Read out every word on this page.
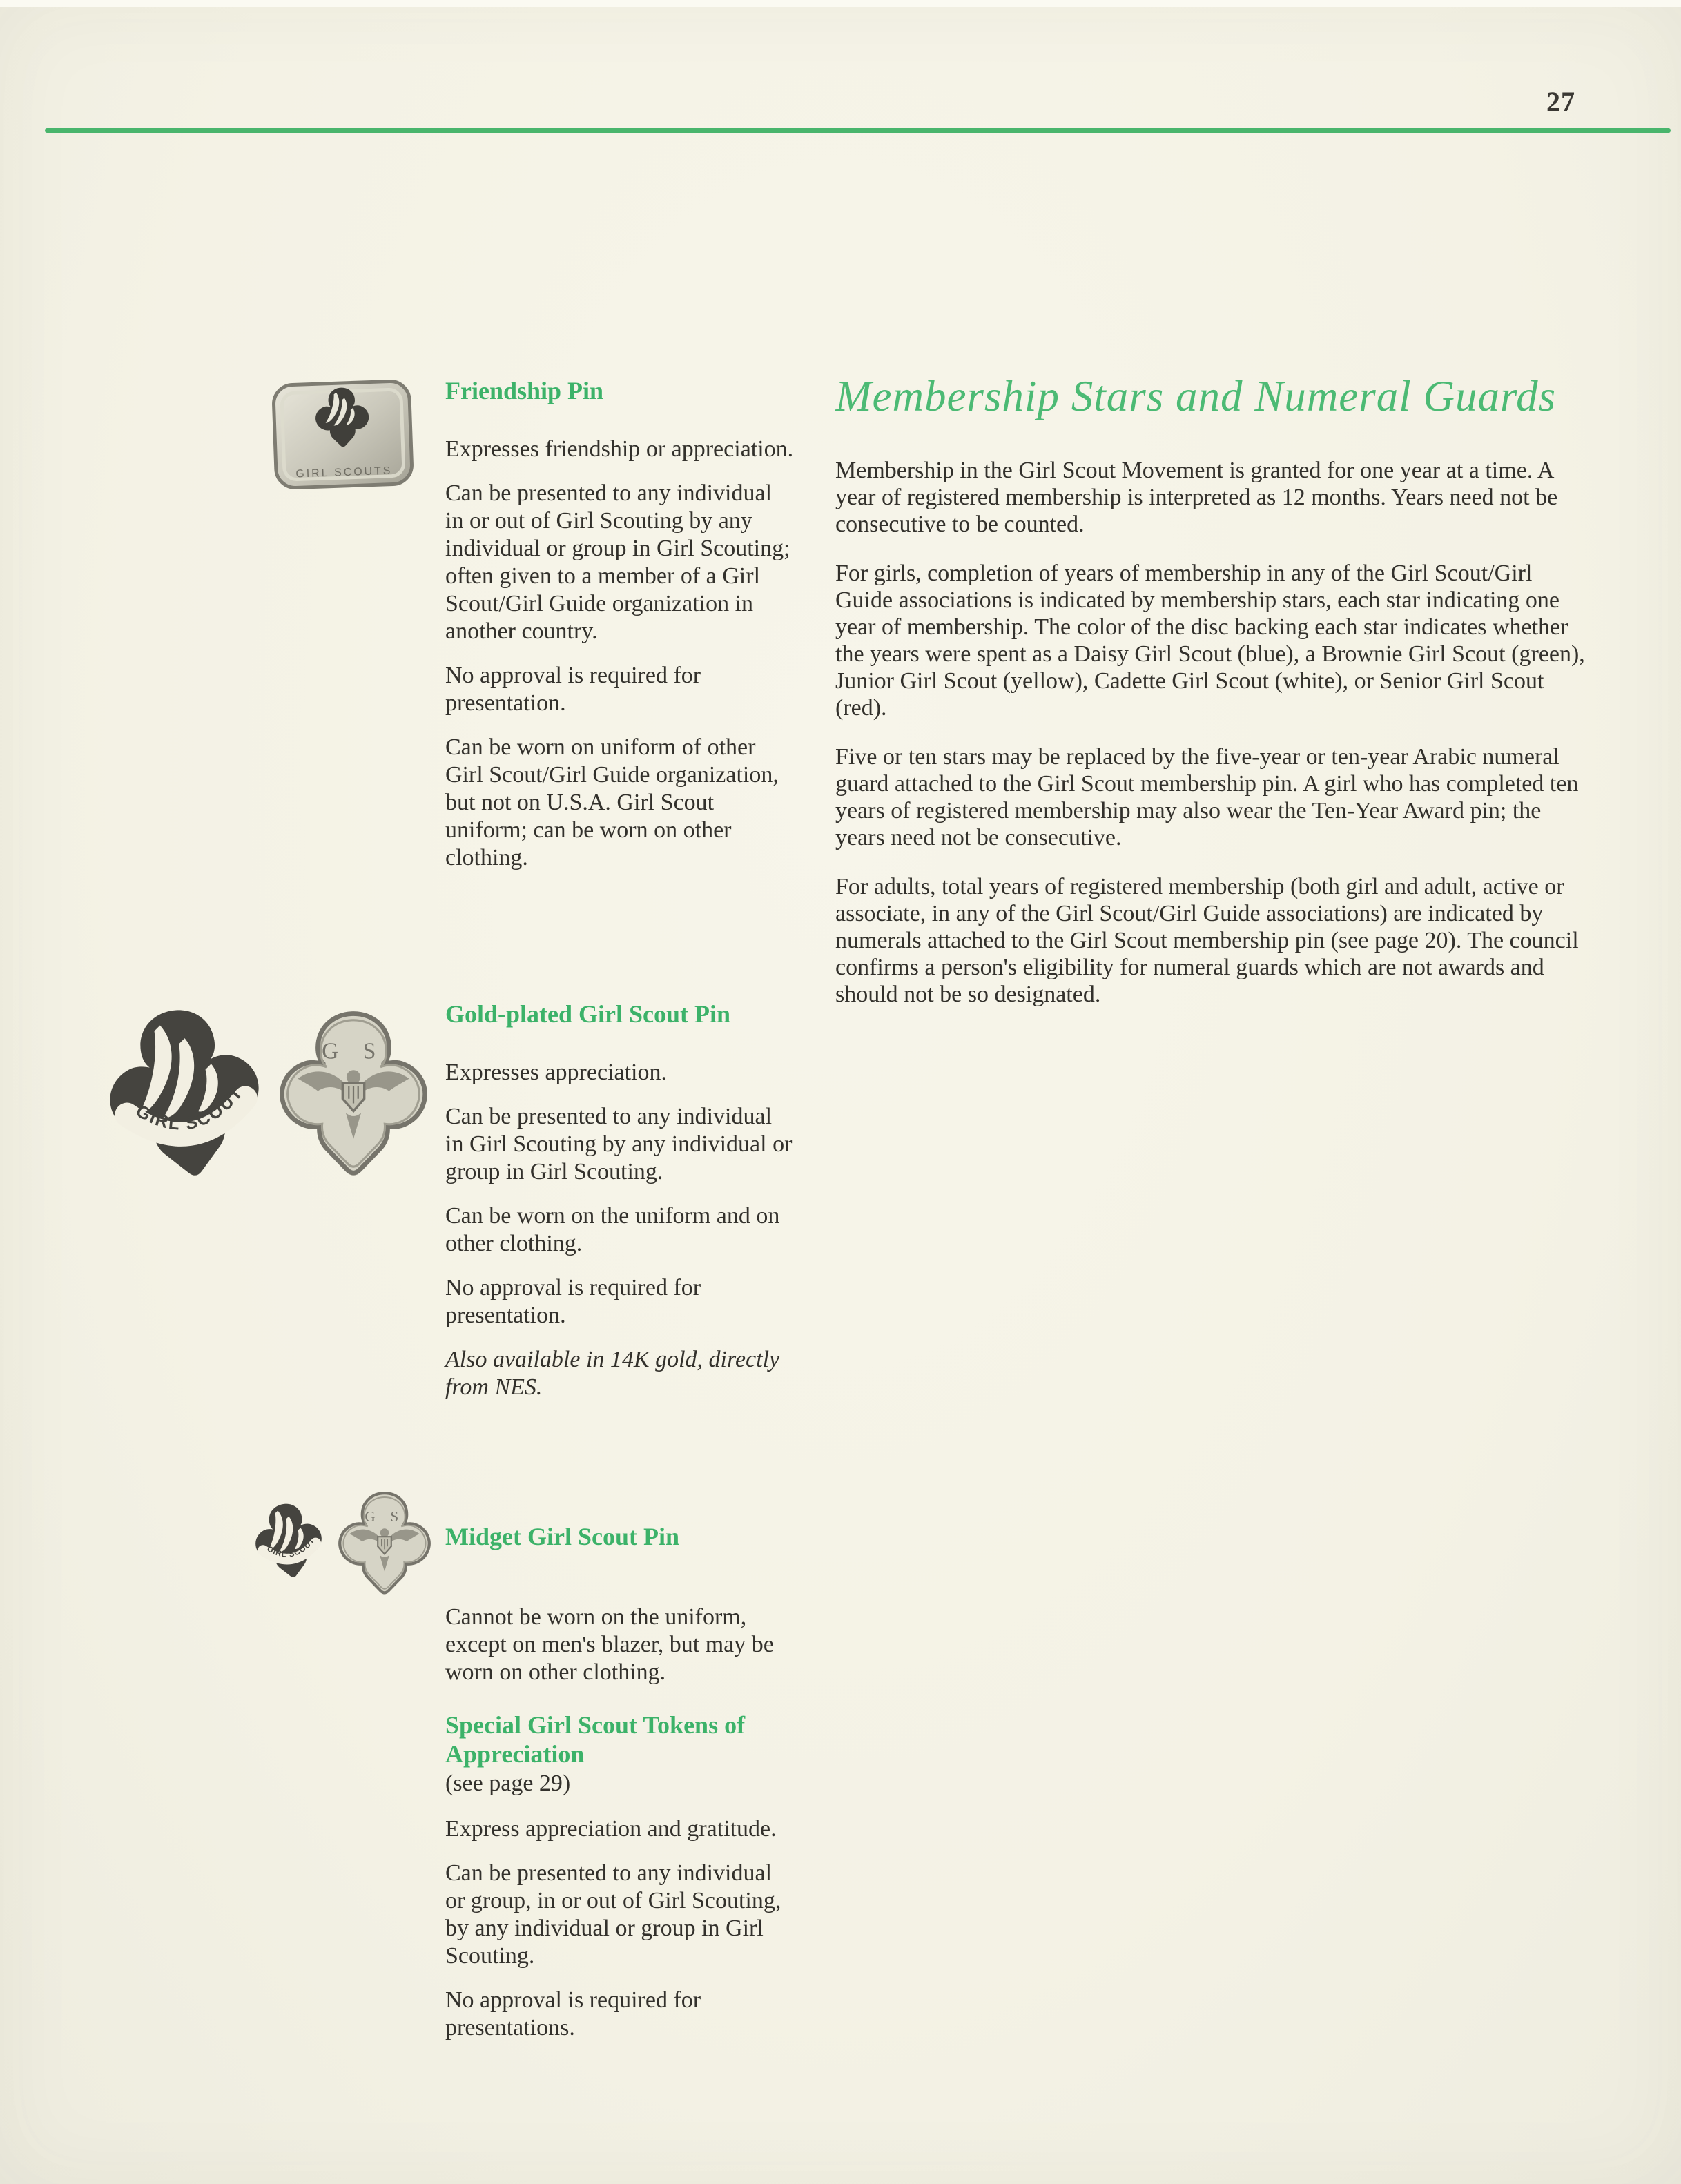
27
GIRL SCOUTS
Friendship Pin

Expresses friendship or appreciation.

Can be presented to any individual in or out of Girl Scouting by any individual or group in Girl Scouting; often given to a member of a Girl Scout/Girl Guide organization in another country.

No approval is required for presentation.

Can be worn on uniform of other Girl Scout/Girl Guide organization, but not on U.S.A. Girl Scout uniform; can be worn on other clothing.

Gold-plated Girl Scout Pin

Expresses appreciation.

Can be presented to any individual in Girl Scouting by any individual or group in Girl Scouting.

Can be worn on the uniform and on other clothing.

No approval is required for presentation.

Also available in 14K gold, directly from NES.

Midget Girl Scout Pin

Cannot be worn on the uniform, except on men's blazer, but may be worn on other clothing.

Special Girl Scout Tokens of Appreciation
(see page 29)

Express appreciation and gratitude.

Can be presented to any individual or group, in or out of Girl Scouting, by any individual or group in Girl Scouting.

No approval is required for presentations.

Membership Stars and Numeral Guards

Membership in the Girl Scout Movement is granted for one year at a time. A year of registered membership is interpreted as 12 months. Years need not be consecutive to be counted.

For girls, completion of years of membership in any of the Girl Scout/Girl Guide associations is indicated by membership stars, each star indicating one year of membership. The color of the disc backing each star indicates whether the years were spent as a Daisy Girl Scout (blue), a Brownie Girl Scout (green), Junior Girl Scout (yellow), Cadette Girl Scout (white), or Senior Girl Scout (red).

Five or ten stars may be replaced by the five-year or ten-year Arabic numeral guard attached to the Girl Scout membership pin. A girl who has completed ten years of registered membership may also wear the Ten-Year Award pin; the years need not be consecutive.

For adults, total years of registered membership (both girl and adult, active or associate, in any of the Girl Scout/Girl Guide associations) are indicated by numerals attached to the Girl Scout membership pin (see page 20). The council confirms a person's eligibility for numeral guards which are not awards and should not be so designated.
